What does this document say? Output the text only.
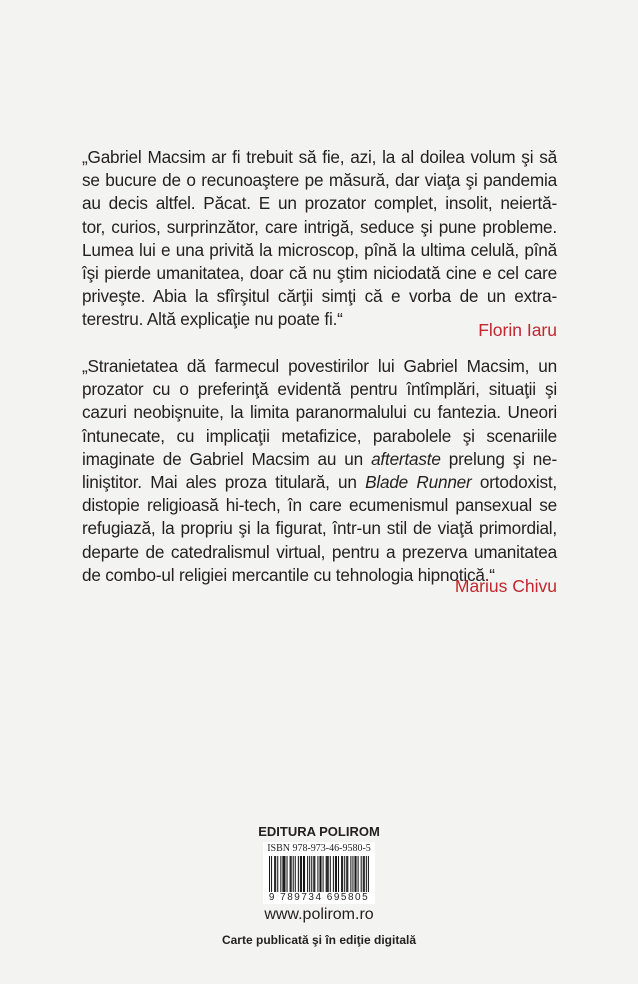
„Gabriel Macsim ar fi trebuit să fie, azi, la al doilea volum şi să
se bucure de o recunoaştere pe măsură, dar viaţa şi pandemia
au decis altfel. Păcat. E un prozator complet, insolit, neiertă-
tor, curios, surprinzător, care intrigă, seduce şi pune probleme.
Lumea lui e una privită la microscop, pînă la ultima celulă, pînă
îşi pierde umanitatea, doar că nu ştim niciodată cine e cel care
priveşte. Abia la sfîrşitul cărţii simţi că e vorba de un extra-
terestru. Altă explicaţie nu poate fi.“
Florin Iaru
„Stranietatea dă farmecul povestirilor lui Gabriel Macsim, un
prozator cu o preferinţă evidentă pentru întîmplări, situaţii şi
cazuri neobişnuite, la limita paranormalului cu fantezia. Uneori
întunecate, cu implicaţii metafizice, parabolele şi scenariile
imaginate de Gabriel Macsim au un aftertaste prelung şi ne-
liniştitor. Mai ales proza titulară, un Blade Runner ortodoxist,
distopie religioasă hi-tech, în care ecumenismul pansexual se
refugiază, la propriu şi la figurat, într-un stil de viaţă primordial,
departe de catedralismul virtual, pentru a prezerva umanitatea
de combo-ul religiei mercantile cu tehnologia hipnotică.“
Marius Chivu
EDITURA POLIROM
ISBN 978-973-46-9580-5
9 789734 695805
www.polirom.ro
Carte publicată şi în ediţie digitală
